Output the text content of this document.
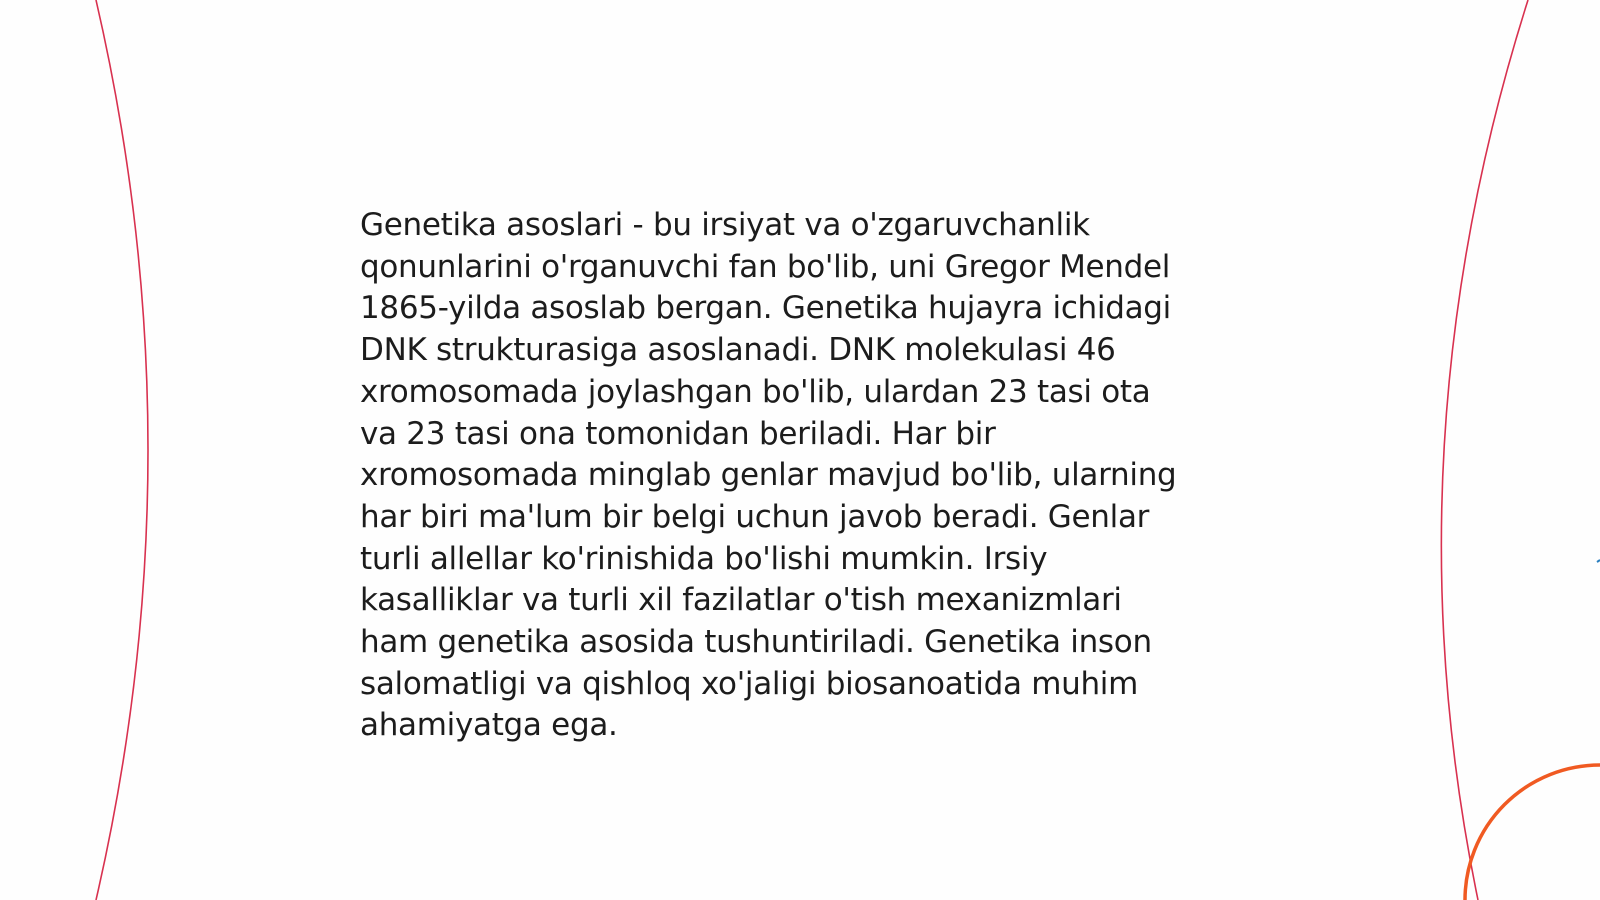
Genetika asoslari - bu irsiyat va o'zgaruvchanlik
qonunlarini o'rganuvchi fan bo'lib, uni Gregor Mendel
1865-yilda asoslab bergan. Genetika hujayra ichidagi
DNK strukturasiga asoslanadi. DNK molekulasi 46
xromosomada joylashgan bo'lib, ulardan 23 tasi ota
va 23 tasi ona tomonidan beriladi. Har bir
xromosomada minglab genlar mavjud bo'lib, ularning
har biri ma'lum bir belgi uchun javob beradi. Genlar
turli allellar ko'rinishida bo'lishi mumkin. Irsiy
kasalliklar va turli xil fazilatlar o'tish mexanizmlari
ham genetika asosida tushuntiriladi. Genetika inson
salomatligi va qishloq xo'jaligi biosanoatida muhim
ahamiyatga ega.
